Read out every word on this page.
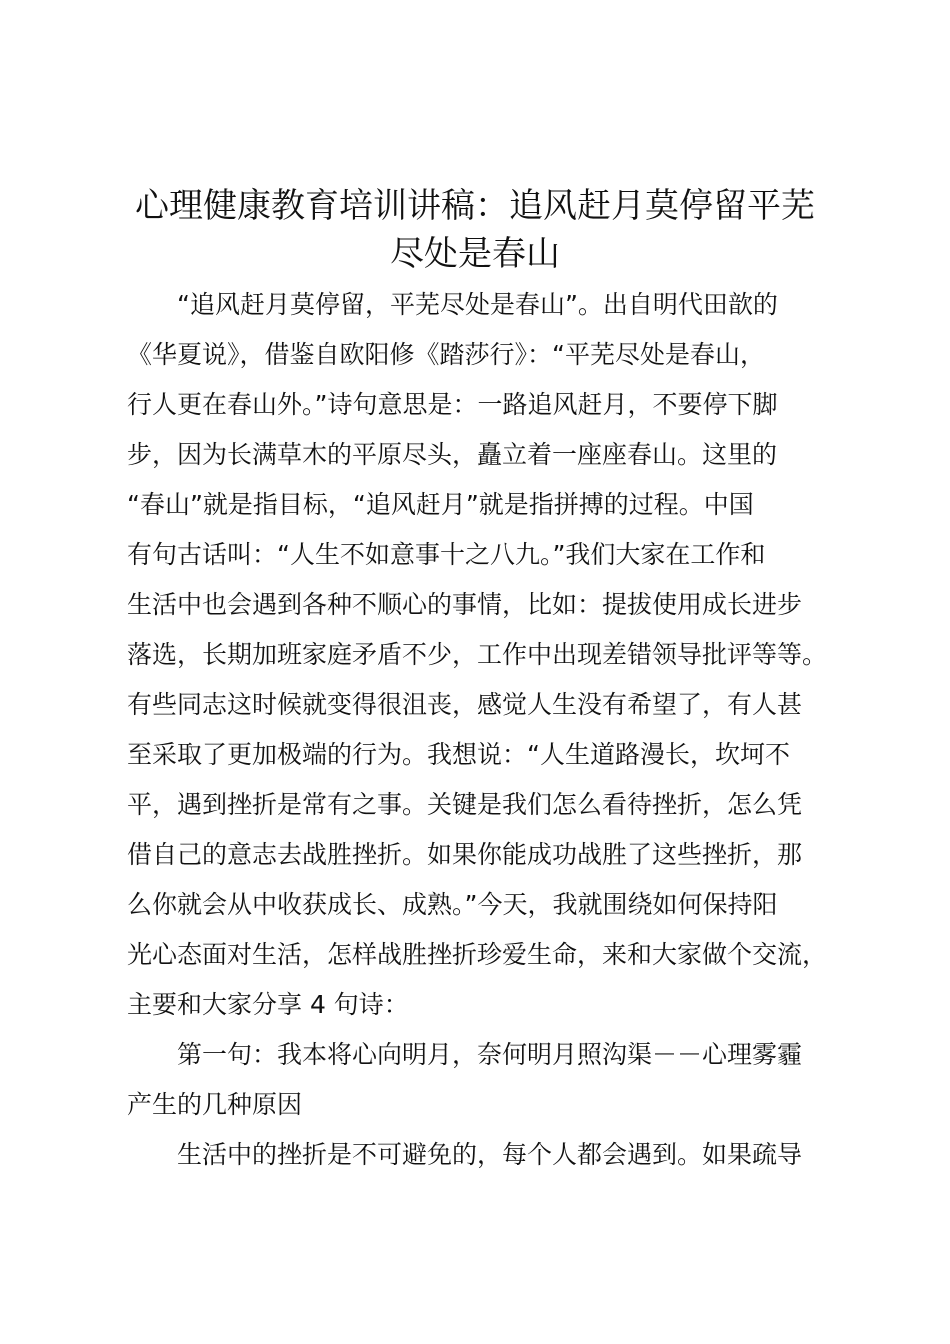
心理健康教育培训讲稿：追风赶月莫停留平芜
尽处是春山

“追风赶月莫停留，平芜尽处是春山”。出自明代田歆的
《华夏说》，借鉴自欧阳修《踏莎行》：“平芜尽处是春山，
行人更在春山外。”诗句意思是：一路追风赶月，不要停下脚
步，因为长满草木的平原尽头，矗立着一座座春山。这里的
“春山”就是指目标，“追风赶月”就是指拼搏的过程。中国
有句古话叫：“人生不如意事十之八九。”我们大家在工作和
生活中也会遇到各种不顺心的事情，比如：提拔使用成长进步
落选，长期加班家庭矛盾不少，工作中出现差错领导批评等等。
有些同志这时候就变得很沮丧，感觉人生没有希望了，有人甚
至采取了更加极端的行为。我想说：“人生道路漫长，坎坷不
平，遇到挫折是常有之事。关键是我们怎么看待挫折，怎么凭
借自己的意志去战胜挫折。如果你能成功战胜了这些挫折，那
么你就会从中收获成长、成熟。”今天，我就围绕如何保持阳
光心态面对生活，怎样战胜挫折珍爱生命，来和大家做个交流，
主要和大家分享 4 句诗：

第一句：我本将心向明月，奈何明月照沟渠－－心理雾霾
产生的几种原因

生活中的挫折是不可避免的，每个人都会遇到。如果疏导
